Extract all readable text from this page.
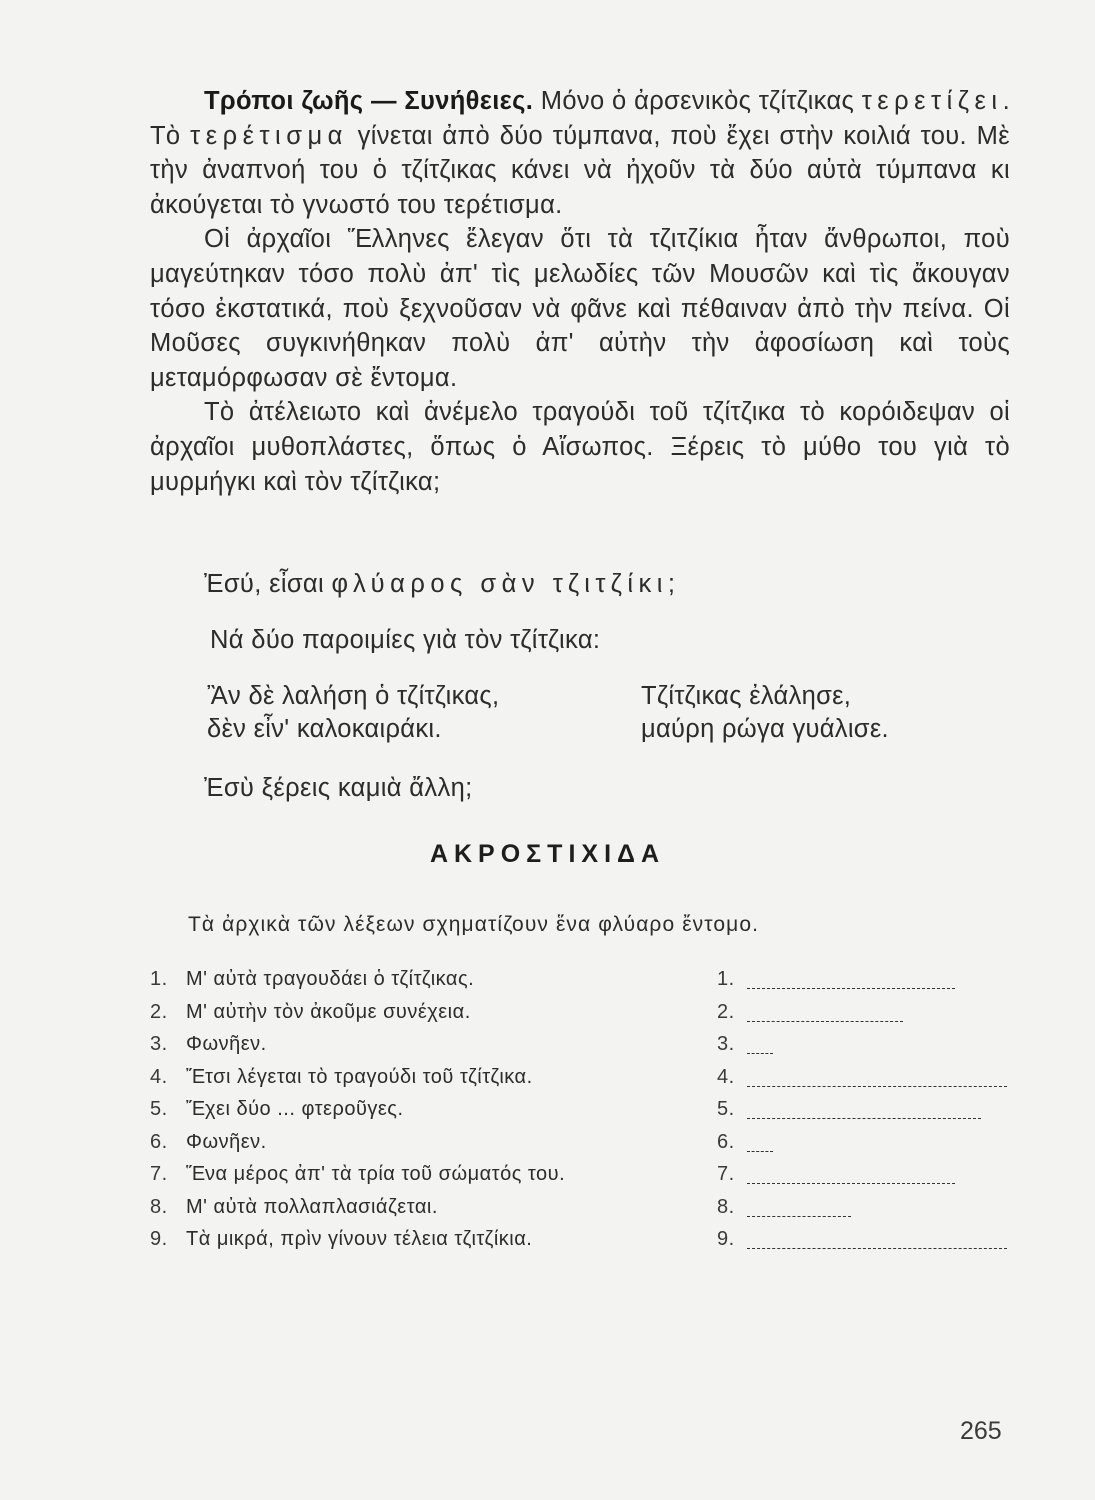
Τρόποι ζωῆς — Συνήθειες. Μόνο ὁ ἀρσενικὸς τζίτζικας τερετίζει. Τὸ τερέτισμα γίνεται ἀπὸ δύο τύμπανα, ποὺ ἔχει στὴν κοιλιά του. Μὲ τὴν ἀναπνοή του ὁ τζίτζικας κάνει νὰ ἠχοῦν τὰ δύο αὐτὰ τύμπανα κι ἀκούγεται τὸ γνωστό του τερέτισμα.

Οἱ ἀρχαῖοι Ἕλληνες ἔλεγαν ὅτι τὰ τζιτζίκια ἦταν ἄνθρωποι, ποὺ μαγεύτηκαν τόσο πολὺ ἀπ' τὶς μελωδίες τῶν Μουσῶν καὶ τὶς ἄκουγαν τόσο ἐκστατικά, ποὺ ξεχνοῦσαν νὰ φᾶνε καὶ πέθαιναν ἀπὸ τὴν πείνα. Οἱ Μοῦσες συγκινήθηκαν πολὺ ἀπ' αὐτὴν τὴν ἀφοσίωση καὶ τοὺς μεταμόρφωσαν σὲ ἔντομα.

Τὸ ἀτέλειωτο καὶ ἀνέμελο τραγούδι τοῦ τζίτζικα τὸ κορόιδεψαν οἱ ἀρχαῖοι μυθοπλάστες, ὅπως ὁ Αἴσωπος. Ξέρεις τὸ μύθο του γιὰ τὸ μυρμήγκι καὶ τὸν τζίτζικα;

Ἐσύ, εἶσαι φλύαρος σὰν τζιτζίκι;
Νά δύο παροιμίες γιὰ τὸν τζίτζικα:
Ἂν δὲ λαλήση ὁ τζίτζικας,
δὲν εἶν' καλοκαιράκι.
Τζίτζικας ἐλάλησε,
μαύρη ρώγα γυάλισε.
Ἐσὺ ξέρεις καμιὰ ἄλλη;
ΑΚΡΟΣΤΙΧΙΔΑ
Τὰ ἀρχικὰ τῶν λέξεων σχηματίζουν ἕνα φλύαρο ἔντομο.
1. Μ' αὐτὰ τραγουδάει ὁ τζίτζικας.	1.
2. Μ' αὐτὴν τὸν ἀκοῦμε συνέχεια.	2.
3. Φωνῆεν.	3.
4. Ἔτσι λέγεται τὸ τραγούδι τοῦ τζίτζικα.	4.
5. Ἔχει δύο ... φτεροῦγες.	5.
6. Φωνῆεν.	6.
7. Ἕνα μέρος ἀπ' τὰ τρία τοῦ σώματός του.	7.
8. Μ' αὐτὰ πολλαπλασιάζεται.	8.
9. Τὰ μικρά, πρὶν γίνουν τέλεια τζιτζίκια.	9.
265
